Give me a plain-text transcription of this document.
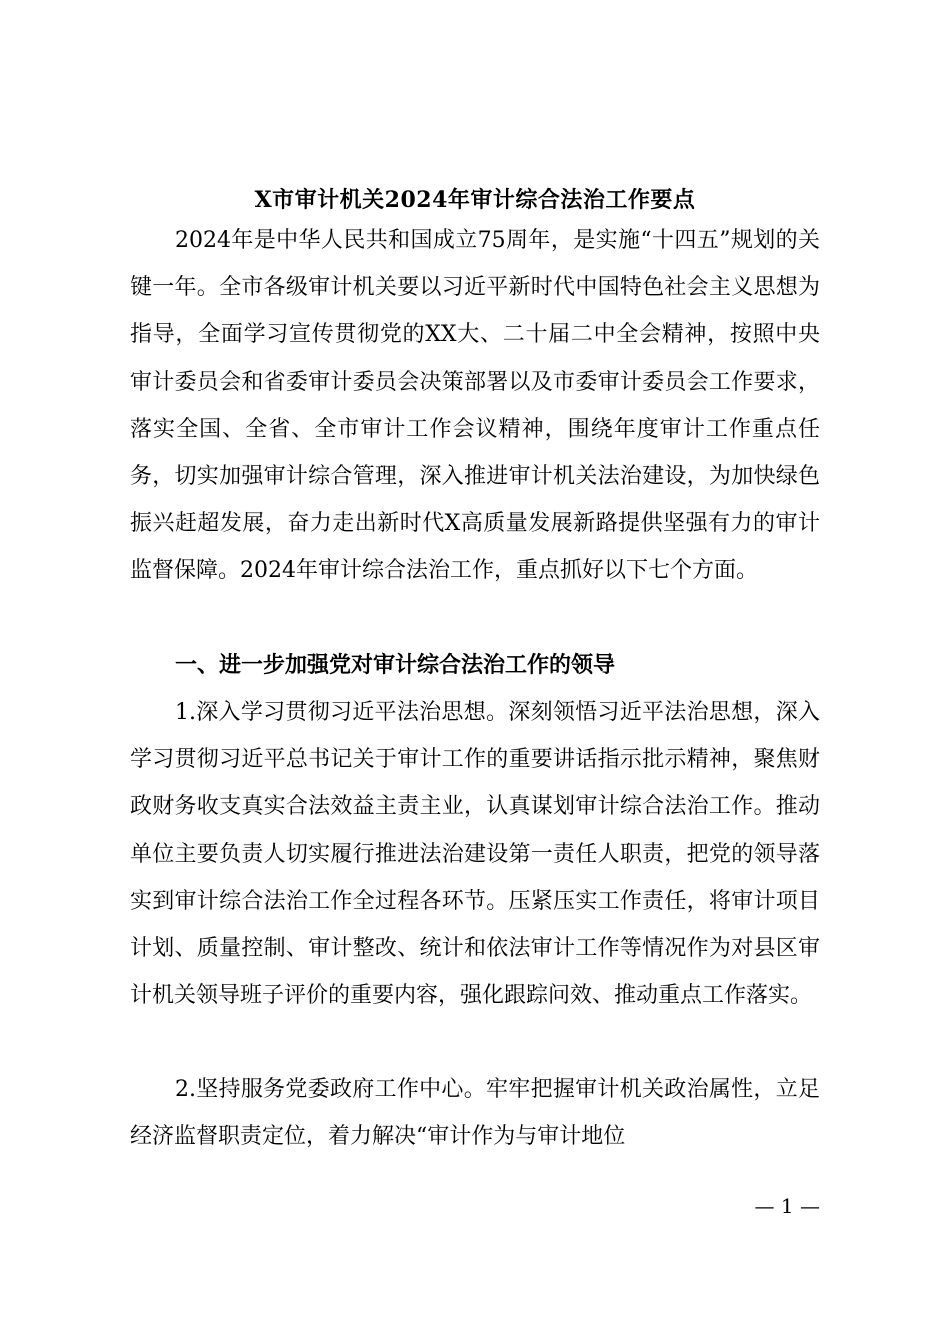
X市审计机关2024年审计综合法治工作要点

2024年是中华人民共和国成立75周年，是实施“十四五”规划的关键一年。全市各级审计机关要以习近平新时代中国特色社会主义思想为指导，全面学习宣传贯彻党的XX大、二十届二中全会精神，按照中央审计委员会和省委审计委员会决策部署以及市委审计委员会工作要求，落实全国、全省、全市审计工作会议精神，围绕年度审计工作重点任务，切实加强审计综合管理，深入推进审计机关法治建设，为加快绿色振兴赶超发展，奋力走出新时代X高质量发展新路提供坚强有力的审计监督保障。2024年审计综合法治工作，重点抓好以下七个方面。

一、进一步加强党对审计综合法治工作的领导

1.深入学习贯彻习近平法治思想。深刻领悟习近平法治思想，深入学习贯彻习近平总书记关于审计工作的重要讲话指示批示精神，聚焦财政财务收支真实合法效益主责主业，认真谋划审计综合法治工作。推动单位主要负责人切实履行推进法治建设第一责任人职责，把党的领导落实到审计综合法治工作全过程各环节。压紧压实工作责任，将审计项目计划、质量控制、审计整改、统计和依法审计工作等情况作为对县区审计机关领导班子评价的重要内容，强化跟踪问效、推动重点工作落实。

2.坚持服务党委政府工作中心。牢牢把握审计机关政治属性，立足经济监督职责定位，着力解决“审计作为与审计地位

— 1 —
